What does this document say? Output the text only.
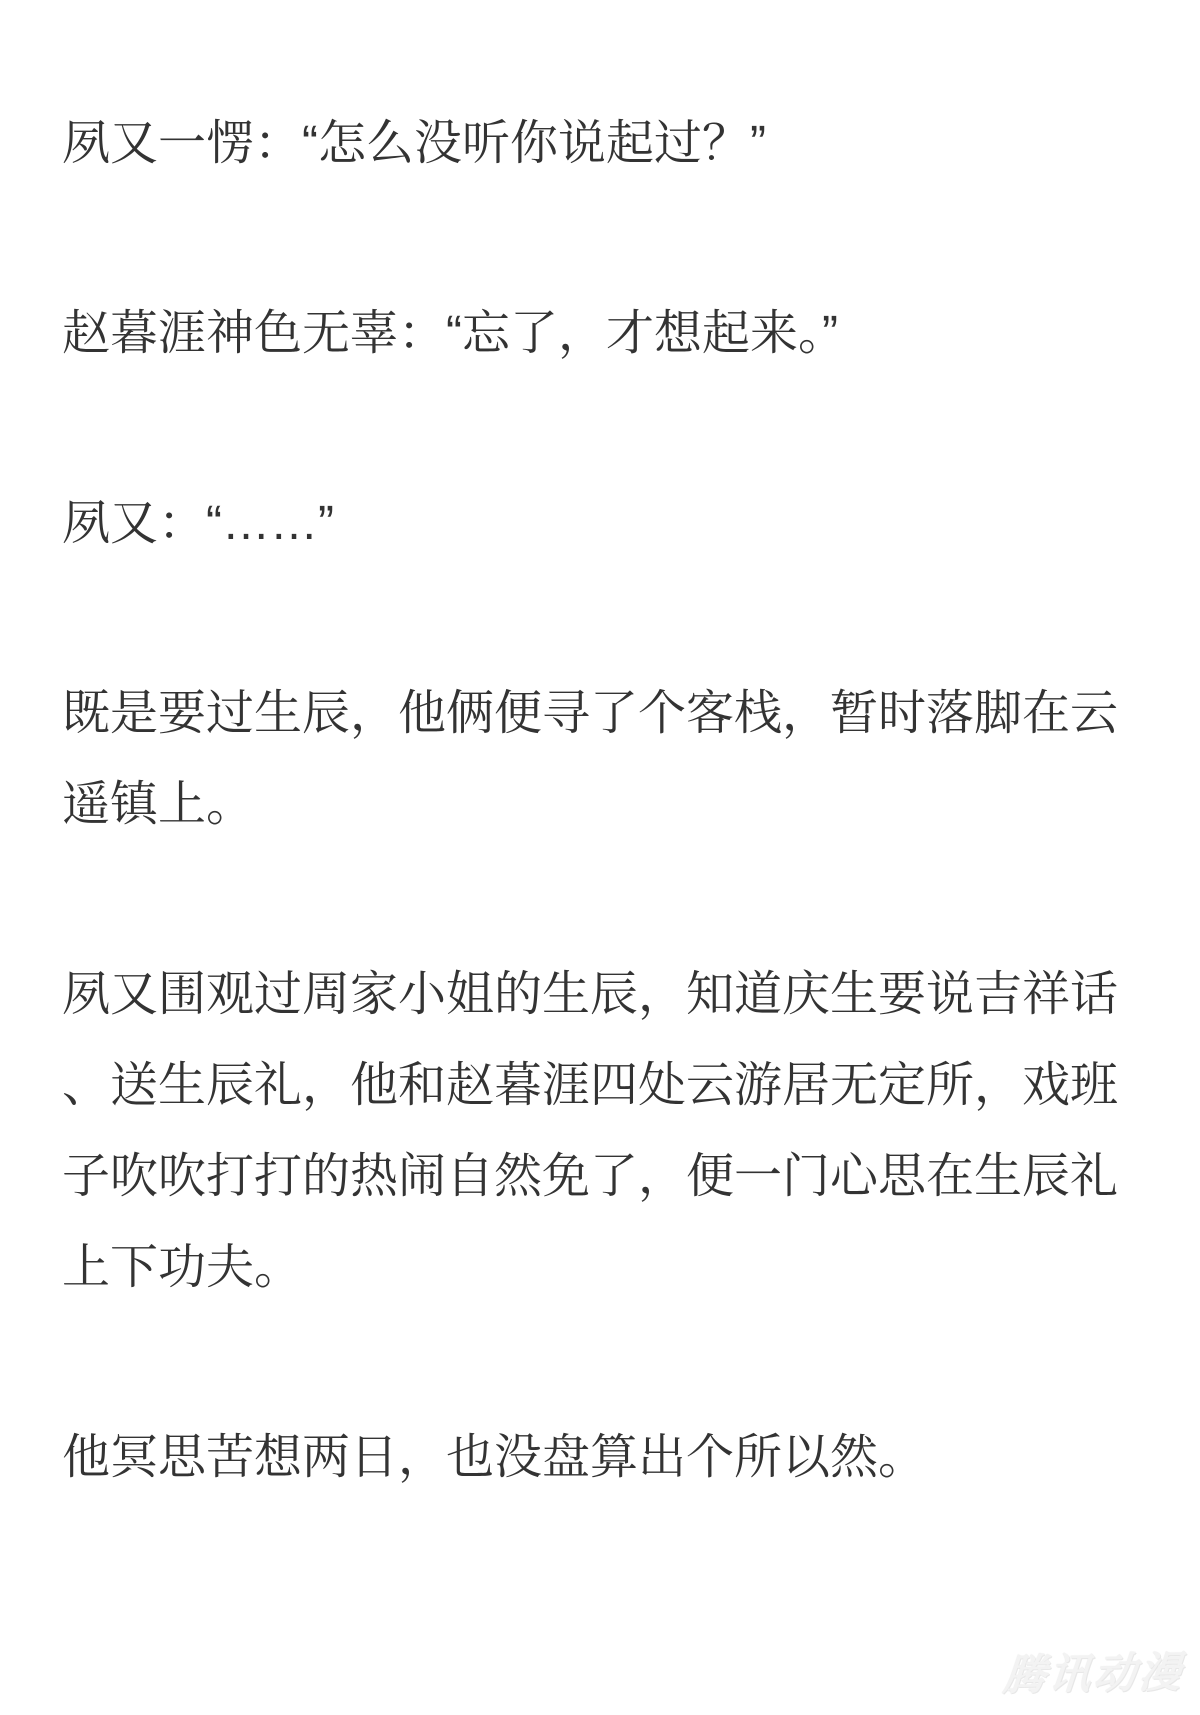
夙又一愣：“怎么没听你说起过？”

赵暮涯神色无辜：“忘了，才想起来。”

夙又：“……”

既是要过生辰，他俩便寻了个客栈，暂时落脚在云遥镇上。

夙又围观过周家小姐的生辰，知道庆生要说吉祥话、送生辰礼，他和赵暮涯四处云游居无定所，戏班子吹吹打打的热闹自然免了，便一门心思在生辰礼上下功夫。

他冥思苦想两日，也没盘算出个所以然。

腾讯动漫
